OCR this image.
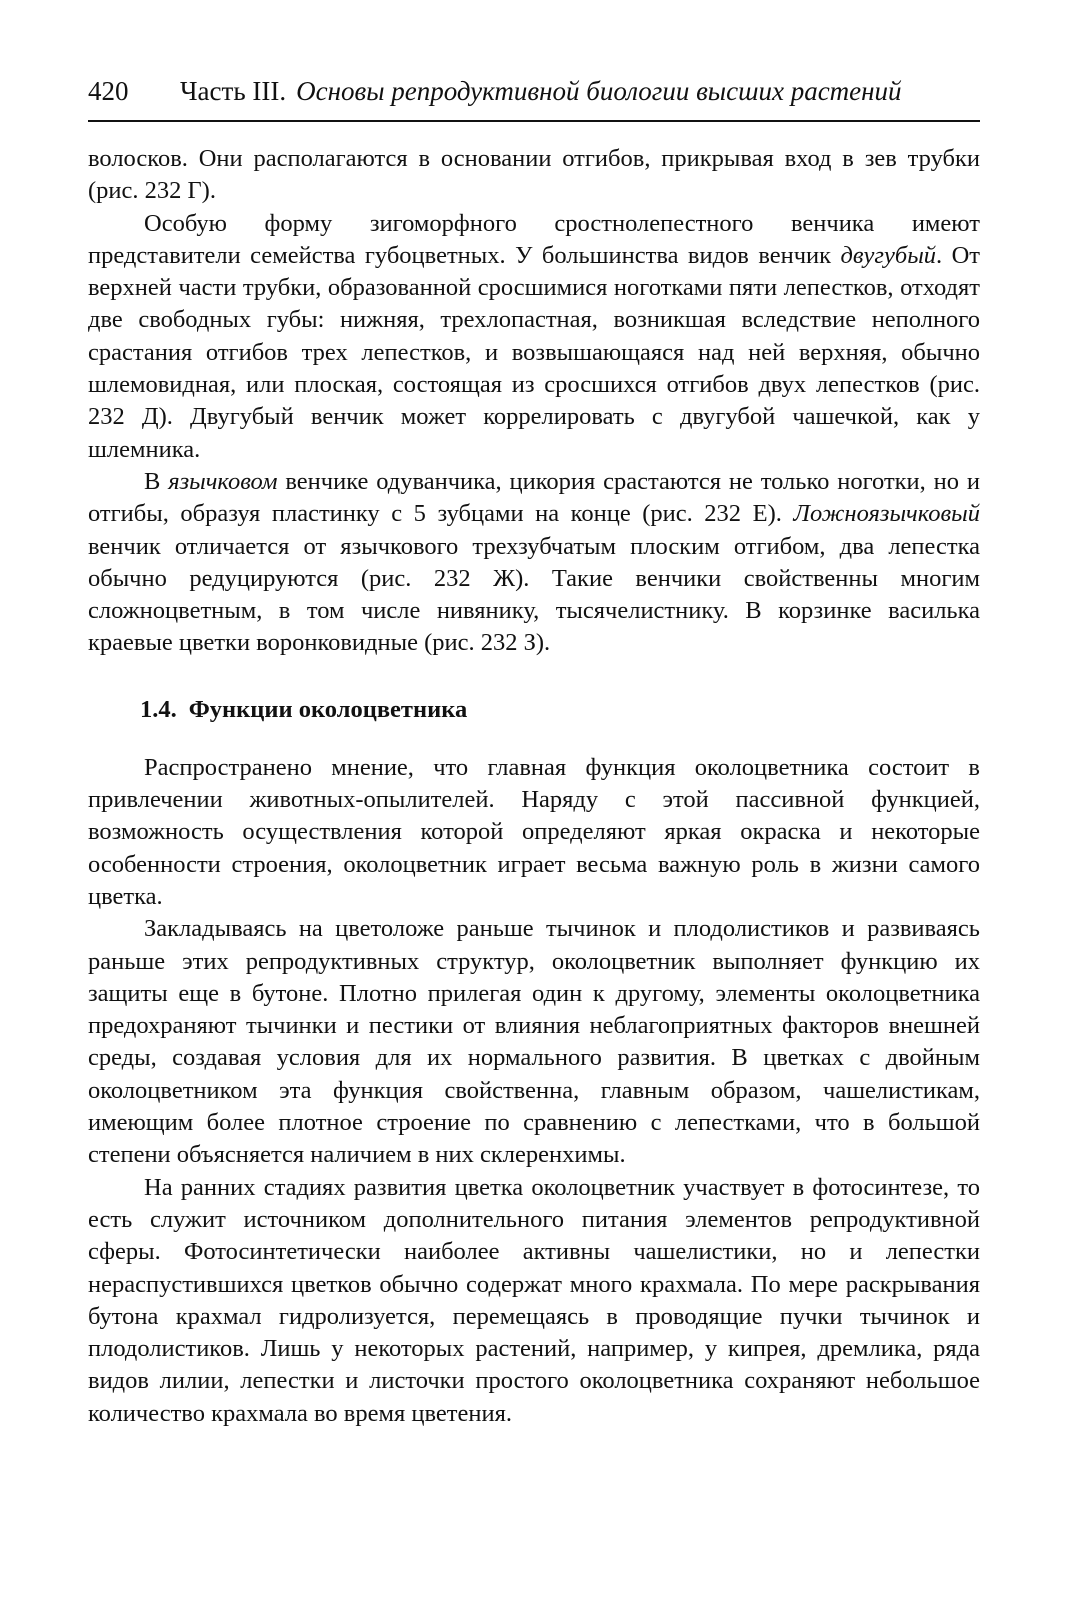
420	Часть III. Основы репродуктивной биологии высших растений

волосков. Они располагаются в основании отгибов, прикрывая вход в зев трубки (рис. 232 Г).

Особую форму зигоморфного сростнолепестного венчика имеют представители семейства губоцветных. У большинства видов венчик двугубый. От верхней части трубки, образованной сросшимися ноготками пяти лепестков, отходят две свободных губы: нижняя, трехлопастная, возникшая вследствие неполного срастания отгибов трех лепестков, и возвышающаяся над ней верхняя, обычно шлемовидная, или плоская, состоящая из сросшихся отгибов двух лепестков (рис. 232 Д). Двугубый венчик может коррелировать с двугубой чашечкой, как у шлемника.

В язычковом венчике одуванчика, цикория срастаются не только ноготки, но и отгибы, образуя пластинку с 5 зубцами на конце (рис. 232 Е). Ложноязычковый венчик отличается от язычкового трехзубчатым плоским отгибом, два лепестка обычно редуцируются (рис. 232 Ж). Такие венчики свойственны многим сложноцветным, в том числе нивянику, тысячелистнику. В корзинке василька краевые цветки воронковидные (рис. 232 З).

1.4. Функции околоцветника

Распространено мнение, что главная функция околоцветника состоит в привлечении животных-опылителей. Наряду с этой пассивной функцией, возможность осуществления которой определяют яркая окраска и некоторые особенности строения, околоцветник играет весьма важную роль в жизни самого цветка.

Закладываясь на цветоложе раньше тычинок и плодолистиков и развиваясь раньше этих репродуктивных структур, околоцветник выполняет функцию их защиты еще в бутоне. Плотно прилегая один к другому, элементы околоцветника предохраняют тычинки и пестики от влияния неблагоприятных факторов внешней среды, создавая условия для их нормального развития. В цветках с двойным околоцветником эта функция свойственна, главным образом, чашелистикам, имеющим более плотное строение по сравнению с лепестками, что в большой степени объясняется наличием в них склеренхимы.

На ранних стадиях развития цветка околоцветник участвует в фотосинтезе, то есть служит источником дополнительного питания элементов репродуктивной сферы. Фотосинтетически наиболее активны чашелистики, но и лепестки нераспустившихся цветков обычно содержат много крахмала. По мере раскрывания бутона крахмал гидролизуется, перемещаясь в проводящие пучки тычинок и плодолистиков. Лишь у некоторых растений, например, у кипрея, дремлика, ряда видов лилии, лепестки и листочки простого околоцветника сохраняют небольшое количество крахмала во время цветения.
